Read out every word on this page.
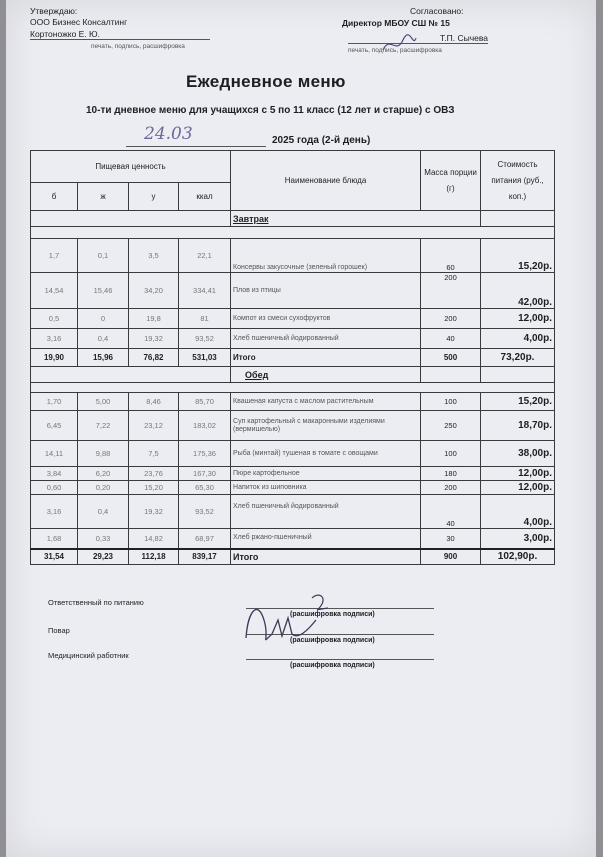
Утверждаю:
ООО Бизнес Консалтинг
Кортоножко Е. Ю.
печать, подпись, расшифровка
Согласовано:
Директор МБОУ СШ № 15
Т.П. Сычева
печать, подпись, расшифровка
Ежедневное меню
10-ти дневное меню для учащихся с 5 по 11 класс (12 лет и старше) с ОВЗ
24.03	2025 года (2-й день)
Пищевая ценность				Наименование блюда	Масса порции (г)	Стоимость питания (руб., коп.)
б	ж	у	ккал			
				Завтрак		

1,7	0,1	3,5	22,1	Консервы закусочные (зеленый горошек)	60	15,20р.
14,54	15,46	34,20	334,41	Плов из птицы	200	42,00р.
0,5	0	19,8	81	Компот из смеси сухофруктов	200	12,00р.
3,16	0,4	19,32	93,52	Хлеб пшеничный йодированный	40	4,00р.
19,90	15,96	76,82	531,03	Итого	500	73,20р.
				Обед		

1,70	5,00	8,46	85,70	Квашеная капуста с маслом растительным	100	15,20р.
6,45	7,22	23,12	183,02	Суп картофельный с макаронными изделиями (вермишелью)	250	18,70р.
14,11	9,88	7,5	175,36	Рыба (минтай) тушеная в томате с овощами	100	38,00р.
3,84	6,20	23,76	167,30	Пюре картофельное	180	12,00р.
0,60	0,20	15,20	65,30	Напиток из шиповника	200	12,00р.
3,16	0,4	19,32	93,52	Хлеб пшеничный йодированный	40	4,00р.
1,68	0,33	14,82	68,97	Хлеб ржано-пшеничный	30	3,00р.
31,54	29,23	112,18	839,17	Итого	900	102,90р.
Ответственный по питанию
(расшифровка подписи)
Повар
(расшифровка подписи)
Медицинский работник
(расшифровка подписи)
